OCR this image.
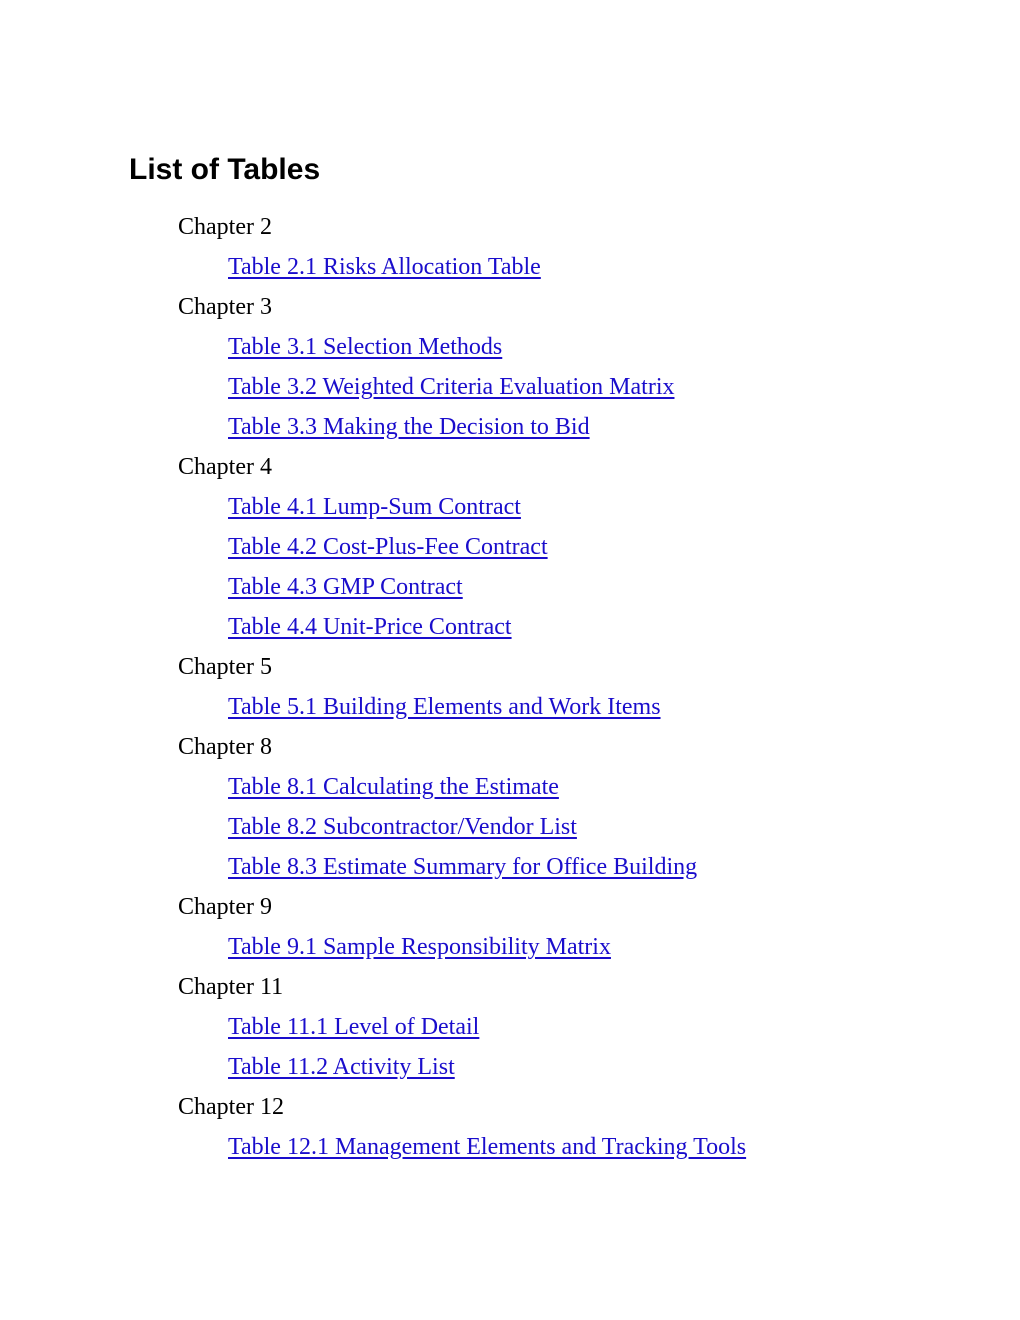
List of Tables
Chapter 2
Table 2.1 Risks Allocation Table
Chapter 3
Table 3.1 Selection Methods
Table 3.2 Weighted Criteria Evaluation Matrix
Table 3.3 Making the Decision to Bid
Chapter 4
Table 4.1 Lump-Sum Contract
Table 4.2 Cost-Plus-Fee Contract
Table 4.3 GMP Contract
Table 4.4 Unit-Price Contract
Chapter 5
Table 5.1 Building Elements and Work Items
Chapter 8
Table 8.1 Calculating the Estimate
Table 8.2 Subcontractor/Vendor List
Table 8.3 Estimate Summary for Office Building
Chapter 9
Table 9.1 Sample Responsibility Matrix
Chapter 11
Table 11.1 Level of Detail
Table 11.2 Activity List
Chapter 12
Table 12.1 Management Elements and Tracking Tools
